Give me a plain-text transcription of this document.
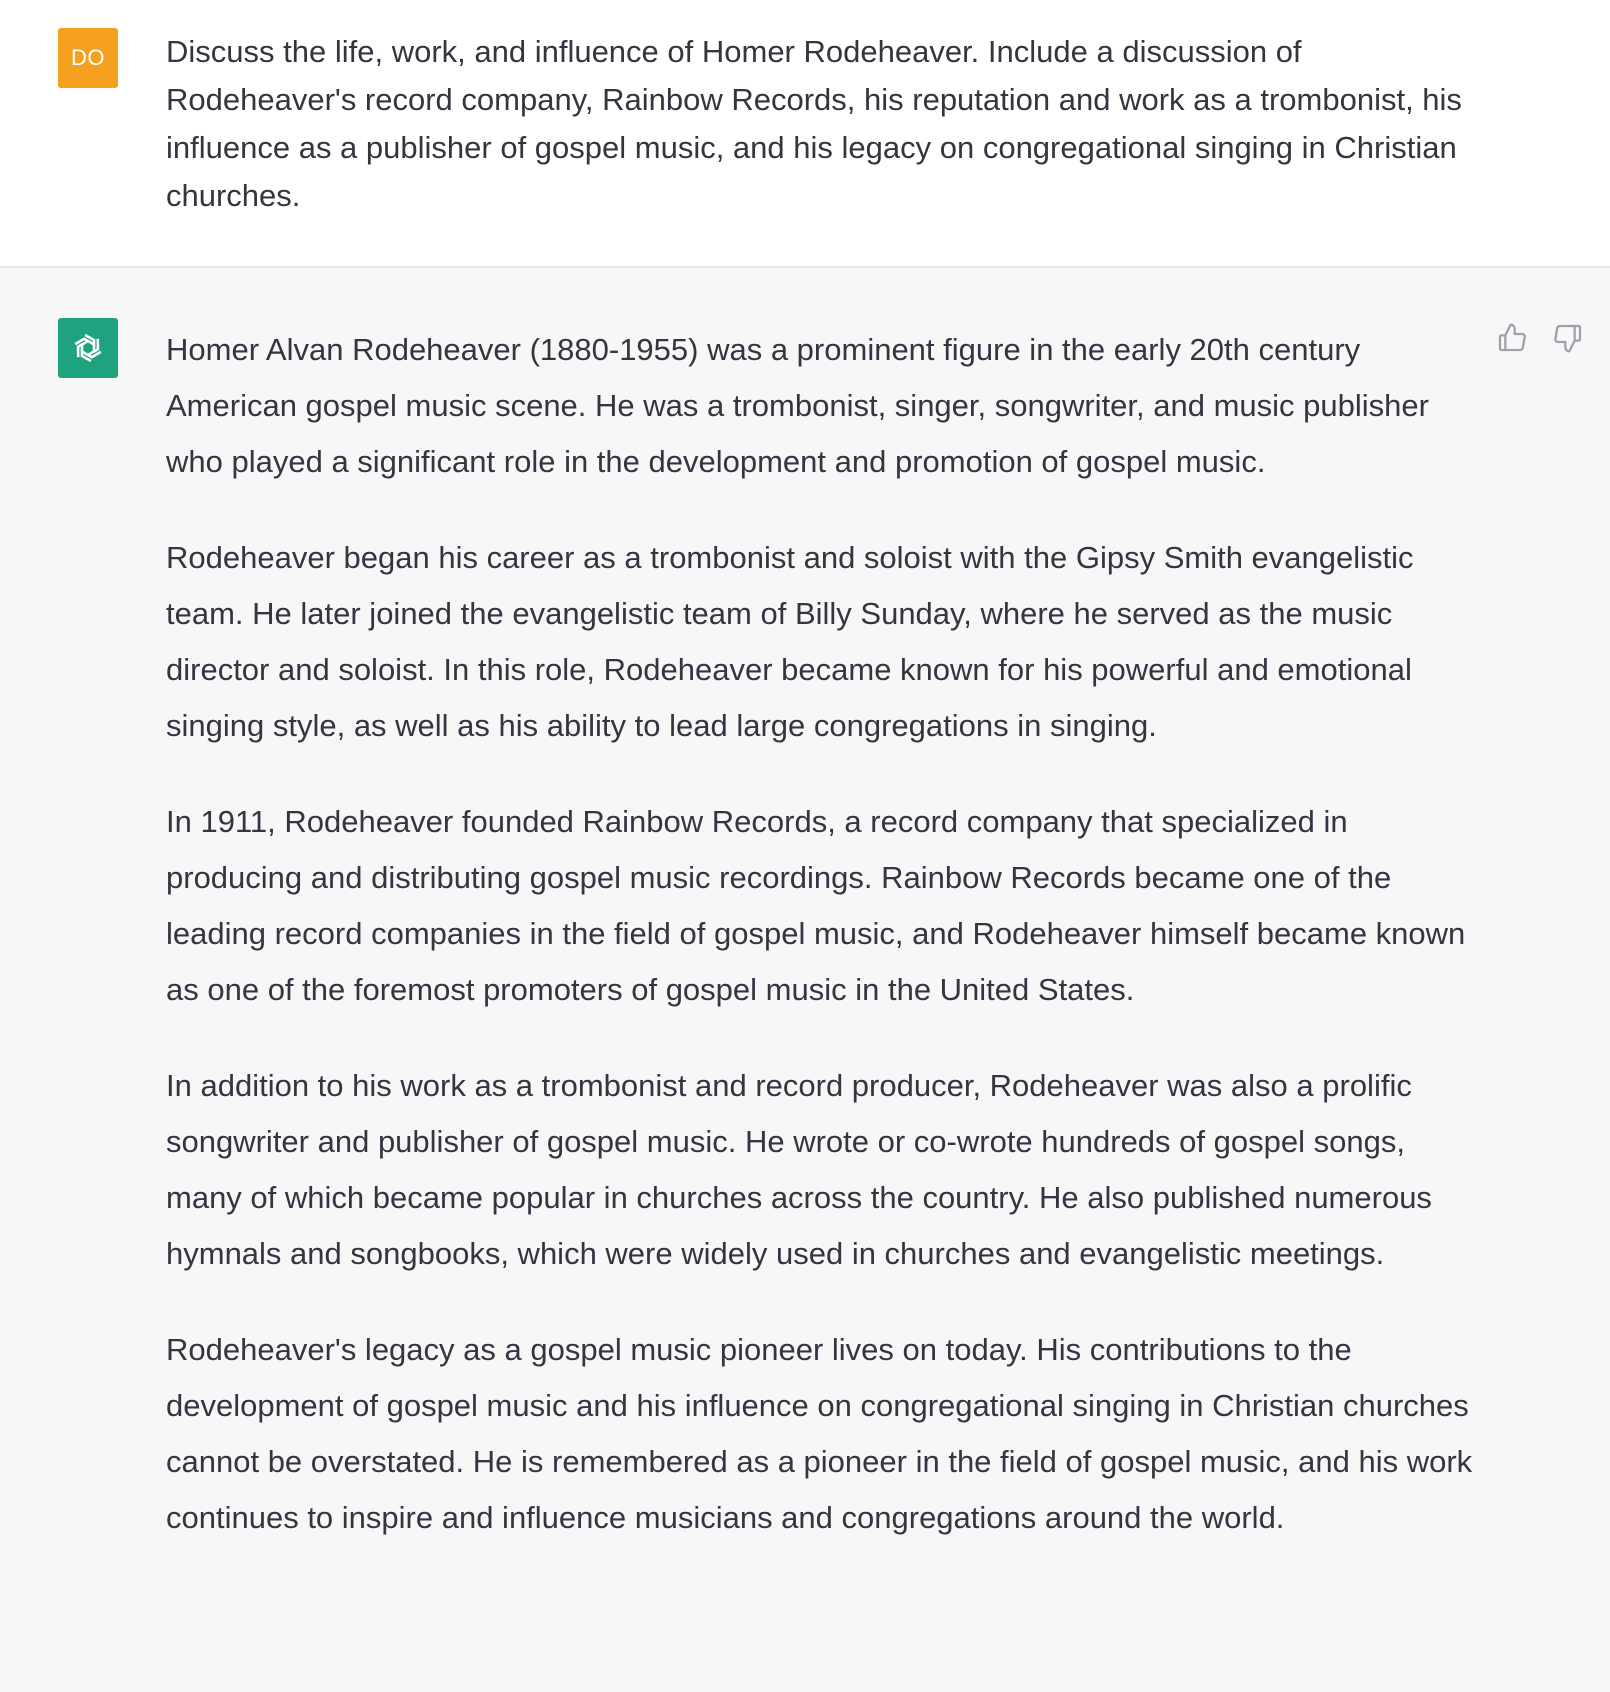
DO Discuss the life, work, and influence of Homer Rodeheaver. Include a discussion of Rodeheaver's record company, Rainbow Records, his reputation and work as a trombonist, his influence as a publisher of gospel music, and his legacy on congregational singing in Christian churches.

Homer Alvan Rodeheaver (1880-1955) was a prominent figure in the early 20th century American gospel music scene. He was a trombonist, singer, songwriter, and music publisher who played a significant role in the development and promotion of gospel music.

Rodeheaver began his career as a trombonist and soloist with the Gipsy Smith evangelistic team. He later joined the evangelistic team of Billy Sunday, where he served as the music director and soloist. In this role, Rodeheaver became known for his powerful and emotional singing style, as well as his ability to lead large congregations in singing.

In 1911, Rodeheaver founded Rainbow Records, a record company that specialized in producing and distributing gospel music recordings. Rainbow Records became one of the leading record companies in the field of gospel music, and Rodeheaver himself became known as one of the foremost promoters of gospel music in the United States.

In addition to his work as a trombonist and record producer, Rodeheaver was also a prolific songwriter and publisher of gospel music. He wrote or co-wrote hundreds of gospel songs, many of which became popular in churches across the country. He also published numerous hymnals and songbooks, which were widely used in churches and evangelistic meetings.

Rodeheaver's legacy as a gospel music pioneer lives on today. His contributions to the development of gospel music and his influence on congregational singing in Christian churches cannot be overstated. He is remembered as a pioneer in the field of gospel music, and his work continues to inspire and influence musicians and congregations around the world.
